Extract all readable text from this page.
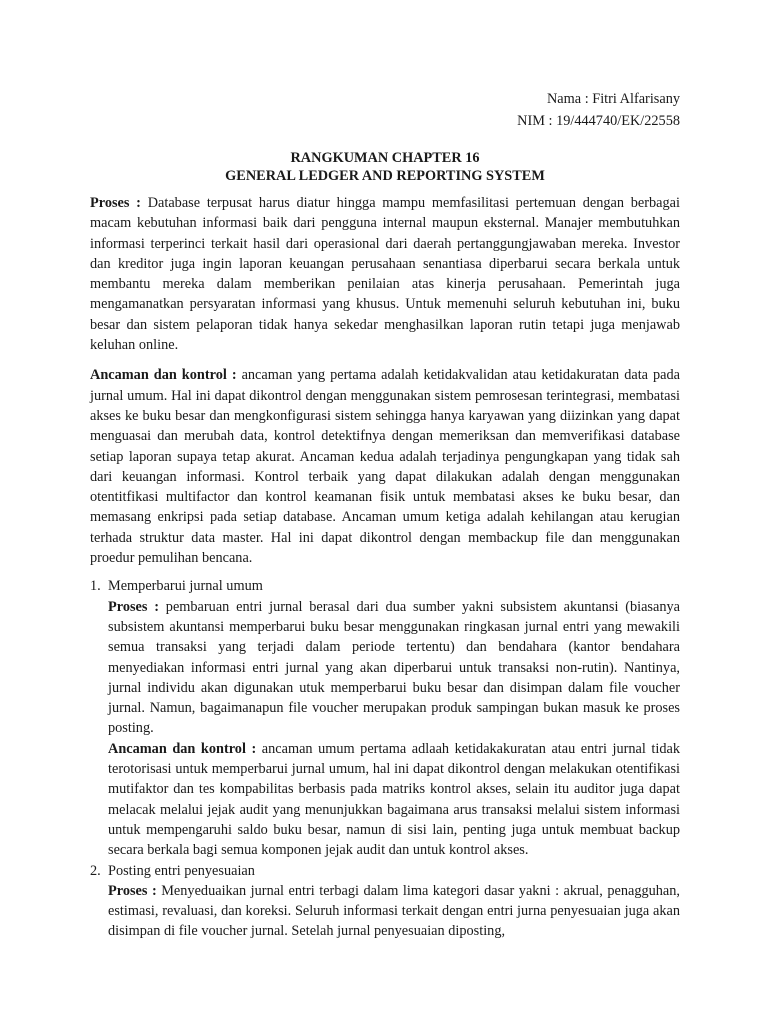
Nama : Fitri Alfarisany
NIM : 19/444740/EK/22558
RANGKUMAN CHAPTER 16
GENERAL LEDGER AND REPORTING SYSTEM

Proses : Database terpusat harus diatur hingga mampu memfasilitasi pertemuan dengan berbagai macam kebutuhan informasi baik dari pengguna internal maupun eksternal. Manajer membutuhkan informasi terperinci terkait hasil dari operasional dari daerah pertanggungjawaban mereka. Investor dan kreditor juga ingin laporan keuangan perusahaan senantiasa diperbarui secara berkala untuk membantu mereka dalam memberikan penilaian atas kinerja perusahaan. Pemerintah juga mengamanatkan persyaratan informasi yang khusus. Untuk memenuhi seluruh kebutuhan ini, buku besar dan sistem pelaporan tidak hanya sekedar menghasilkan laporan rutin tetapi juga menjawab keluhan online.

Ancaman dan kontrol : ancaman yang pertama adalah ketidakvalidan atau ketidakuratan data pada jurnal umum. Hal ini dapat dikontrol dengan menggunakan sistem pemrosesan terintegrasi, membatasi akses ke buku besar dan mengkonfigurasi sistem sehingga hanya karyawan yang diizinkan yang dapat menguasai dan merubah data, kontrol detektifnya dengan memeriksan dan memverifikasi database setiap laporan supaya tetap akurat. Ancaman kedua adalah terjadinya pengungkapan yang tidak sah dari keuangan informasi. Kontrol terbaik yang dapat dilakukan adalah dengan menggunakan otentitfikasi multifactor dan kontrol keamanan fisik untuk membatasi akses ke buku besar, dan memasang enkripsi pada setiap database. Ancaman umum ketiga adalah kehilangan atau kerugian terhada struktur data master. Hal ini dapat dikontrol dengan membackup file dan menggunakan proedur pemulihan bencana.

1. Memperbarui jurnal umum

Proses : pembaruan entri jurnal berasal dari dua sumber yakni subsistem akuntansi (biasanya subsistem akuntansi memperbarui buku besar menggunakan ringkasan jurnal entri yang mewakili semua transaksi yang terjadi dalam periode tertentu) dan bendahara (kantor bendahara menyediakan informasi entri jurnal yang akan diperbarui untuk transaksi non-rutin). Nantinya, jurnal individu akan digunakan utuk memperbarui buku besar dan disimpan dalam file voucher jurnal. Namun, bagaimanapun file voucher merupakan produk sampingan bukan masuk ke proses posting.

Ancaman dan kontrol : ancaman umum pertama adlaah ketidakakuratan atau entri jurnal tidak terotorisasi untuk memperbarui jurnal umum, hal ini dapat dikontrol dengan melakukan otentifikasi mutifaktor dan tes kompabilitas berbasis pada matriks kontrol akses, selain itu auditor juga dapat melacak melalui jejak audit yang menunjukkan bagaimana arus transaksi melalui sistem informasi untuk mempengaruhi saldo buku besar, namun di sisi lain, penting juga untuk membuat backup secara berkala bagi semua komponen jejak audit dan untuk kontrol akses.

2. Posting entri penyesuaian

Proses : Menyeduaikan jurnal entri terbagi dalam lima kategori dasar yakni : akrual, penagguhan, estimasi, revaluasi, dan koreksi. Seluruh informasi terkait dengan entri jurna penyesuaian juga akan disimpan di file voucher jurnal. Setelah jurnal penyesuaian diposting,
